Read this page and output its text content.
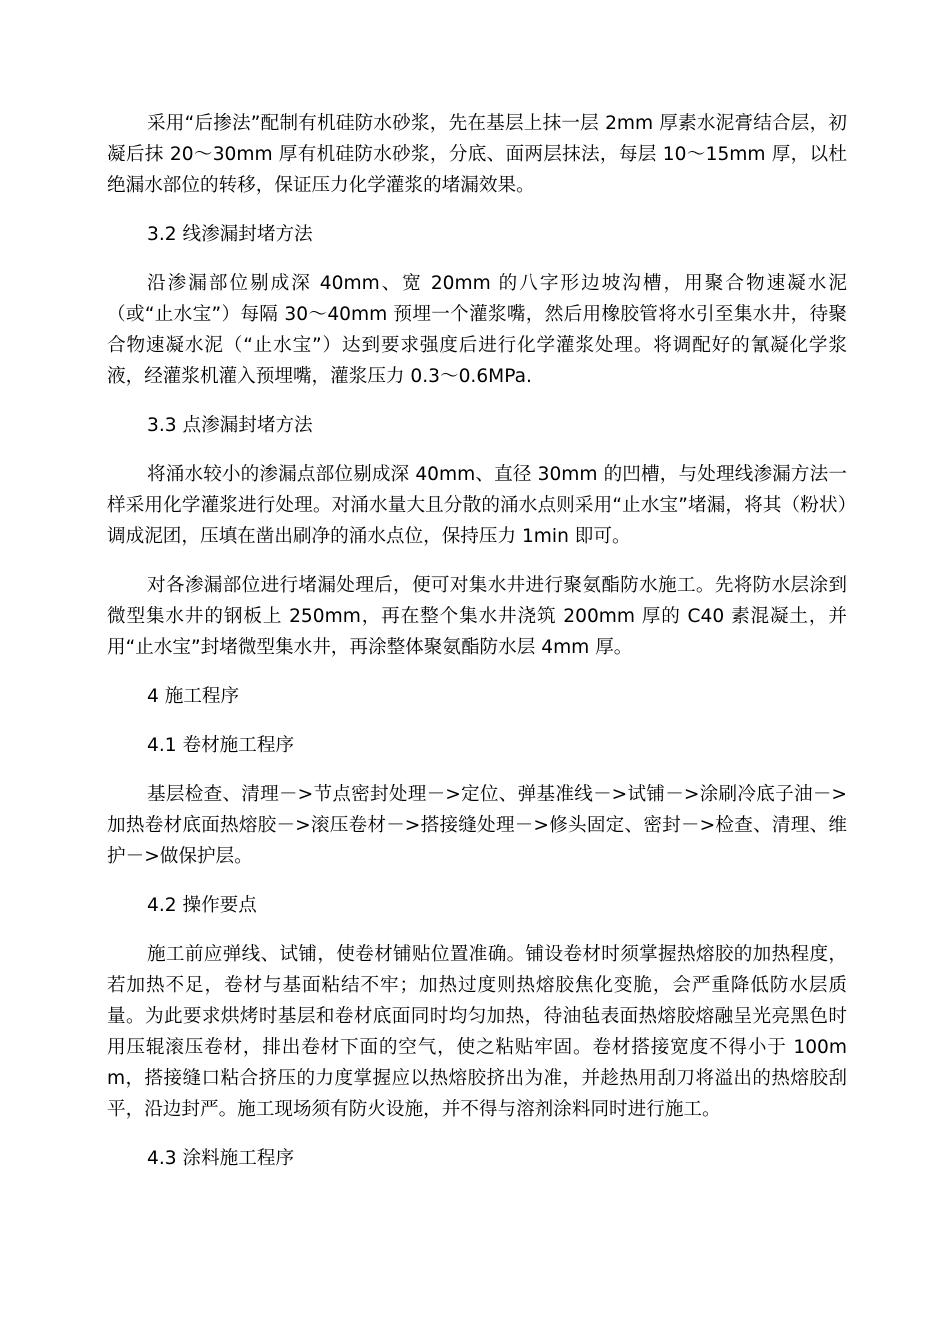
采用“后掺法”配制有机硅防水砂浆，先在基层上抹一层 2mm 厚素水泥膏结合层，初凝后抹 20～30mm 厚有机硅防水砂浆，分底、面两层抹法，每层 10～15mm 厚，以杜绝漏水部位的转移，保证压力化学灌浆的堵漏效果。

3.2 线渗漏封堵方法

沿渗漏部位剔成深 40mm、宽 20mm 的八字形边坡沟槽，用聚合物速凝水泥（或“止水宝”）每隔 30～40mm 预埋一个灌浆嘴，然后用橡胶管将水引至集水井，待聚合物速凝水泥（“止水宝”）达到要求强度后进行化学灌浆处理。将调配好的氰凝化学浆液，经灌浆机灌入预埋嘴，灌浆压力 0.3～0.6MPa.

3.3 点渗漏封堵方法

将涌水较小的渗漏点部位剔成深 40mm、直径 30mm 的凹槽，与处理线渗漏方法一样采用化学灌浆进行处理。对涌水量大且分散的涌水点则采用“止水宝”堵漏，将其（粉状）调成泥团，压填在凿出刷净的涌水点位，保持压力 1min 即可。

对各渗漏部位进行堵漏处理后，便可对集水井进行聚氨酯防水施工。先将防水层涂到微型集水井的钢板上 250mm，再在整个集水井浇筑 200mm 厚的 C40 素混凝土，并用“止水宝”封堵微型集水井，再涂整体聚氨酯防水层 4mm 厚。

4 施工程序

4.1 卷材施工程序

基层检查、清理－>节点密封处理－>定位、弹基准线－>试铺－>涂刷冷底子油－>加热卷材底面热熔胶－>滚压卷材－>搭接缝处理－>修头固定、密封－>检查、清理、维护－>做保护层。

4.2 操作要点

施工前应弹线、试铺，使卷材铺贴位置准确。铺设卷材时须掌握热熔胶的加热程度，若加热不足，卷材与基面粘结不牢；加热过度则热熔胶焦化变脆，会严重降低防水层质量。为此要求烘烤时基层和卷材底面同时均匀加热，待油毡表面热熔胶熔融呈光亮黑色时用压辊滚压卷材，排出卷材下面的空气，使之粘贴牢固。卷材搭接宽度不得小于 100mm，搭接缝口粘合挤压的力度掌握应以热熔胶挤出为准，并趁热用刮刀将溢出的热熔胶刮平，沿边封严。施工现场须有防火设施，并不得与溶剂涂料同时进行施工。

4.3 涂料施工程序
